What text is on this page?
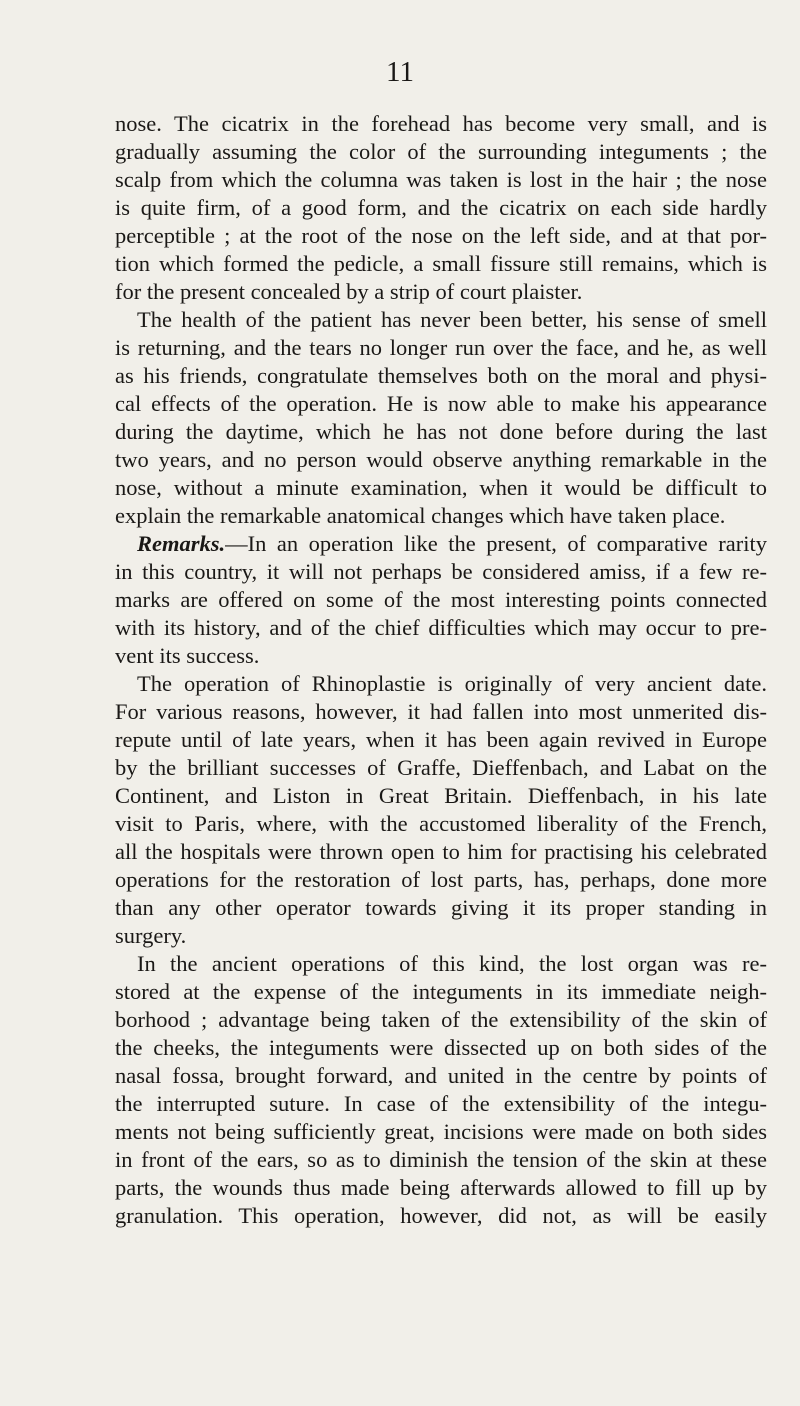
11
nose. The cicatrix in the forehead has become very small, and is
gradually assuming the color of the surrounding integuments ; the
scalp from which the columna was taken is lost in the hair ; the nose
is quite firm, of a good form, and the cicatrix on each side hardly
perceptible ; at the root of the nose on the left side, and at that por-
tion which formed the pedicle, a small fissure still remains, which is
for the present concealed by a strip of court plaister.
The health of the patient has never been better, his sense of smell
is returning, and the tears no longer run over the face, and he, as well
as his friends, congratulate themselves both on the moral and physi-
cal effects of the operation. He is now able to make his appearance
during the daytime, which he has not done before during the last
two years, and no person would observe anything remarkable in the
nose, without a minute examination, when it would be difficult to
explain the remarkable anatomical changes which have taken place.
Remarks.—In an operation like the present, of comparative rarity
in this country, it will not perhaps be considered amiss, if a few re-
marks are offered on some of the most interesting points connected
with its history, and of the chief difficulties which may occur to pre-
vent its success.
The operation of Rhinoplastie is originally of very ancient date.
For various reasons, however, it had fallen into most unmerited dis-
repute until of late years, when it has been again revived in Europe
by the brilliant successes of Graffe, Dieffenbach, and Labat on the
Continent, and Liston in Great Britain. Dieffenbach, in his late
visit to Paris, where, with the accustomed liberality of the French,
all the hospitals were thrown open to him for practising his celebrated
operations for the restoration of lost parts, has, perhaps, done more
than any other operator towards giving it its proper standing in
surgery.
In the ancient operations of this kind, the lost organ was re-
stored at the expense of the integuments in its immediate neigh-
borhood ; advantage being taken of the extensibility of the skin of
the cheeks, the integuments were dissected up on both sides of the
nasal fossa, brought forward, and united in the centre by points of
the interrupted suture. In case of the extensibility of the integu-
ments not being sufficiently great, incisions were made on both sides
in front of the ears, so as to diminish the tension of the skin at these
parts, the wounds thus made being afterwards allowed to fill up by
granulation. This operation, however, did not, as will be easily
